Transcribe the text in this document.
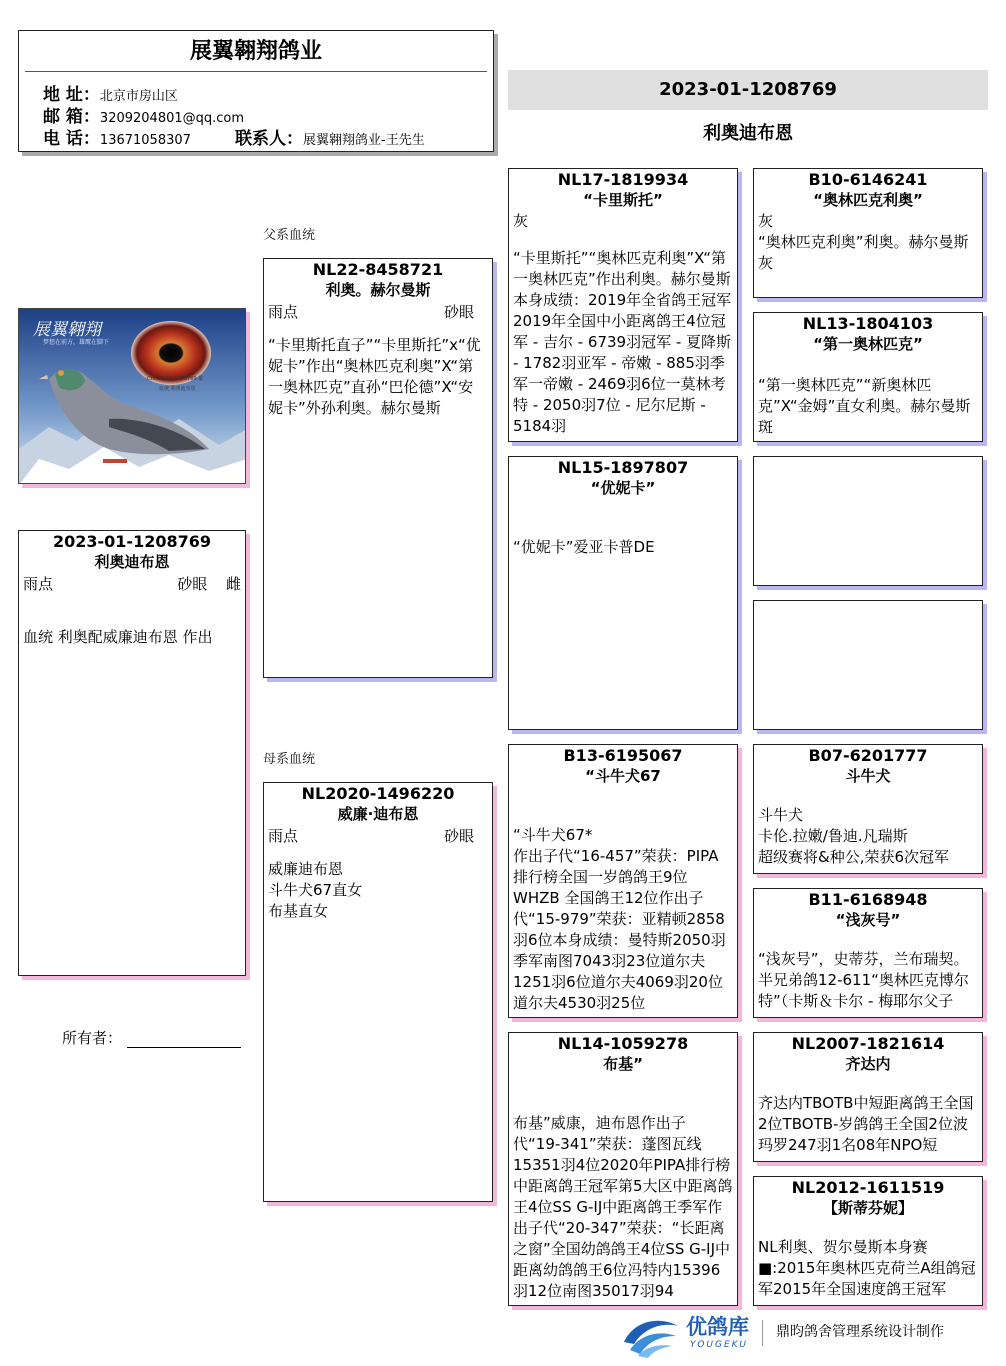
展翼翱翔鸽业
地 址：北京市房山区
邮 箱：3209204801@qq.com
电 话：13671058307	联系人：展翼翱翔鸽业-王先生
2023-01-1208769
利奥迪布恩
展翼翱翔
梦想在前方，雄鹰在脚下
CHN23-01-1208769 雄
血统 利奥迪布恩
2023-01-1208769
利奥迪布恩
雨点	砂眼 雌
血统 利奥配威廉迪布恩 作出
所有者：
父系血统
母系血统
NL22-8458721
利奥。赫尔曼斯
雨点	砂眼
“卡里斯托直子”“卡里斯托”x“优妮卡”作出“奥林匹克利奥”X“第一奥林匹克”直孙“巴伦德”X“安妮卡”外孙利奥。赫尔曼斯
NL2020-1496220
威廉·迪布恩
雨点	砂眼
威廉迪布恩
斗牛犬67直女
布基直女
NL17-1819934
“卡里斯托”
灰
“卡里斯托”“奥林匹克利奥”X“第一奥林匹克”作出利奥。赫尔曼斯本身成绩：2019年全省鸽王冠军2019年全国中小距离鸽王4位冠军 - 吉尔 - 6739羽冠军 - 夏降斯 - 1782羽亚军 - 帝嫩 - 885羽季军一帝嫩 - 2469羽6位一莫林考特 - 2050羽7位 - 尼尔尼斯 - 5184羽
NL15-1897807
“优妮卡”
“优妮卡”爱亚卡普DE
B13-6195067
“斗牛犬67
“斗牛犬67*
作出子代“16-457”荣获：PIPA排行榜全国一岁鸽鸽王9位WHZB 全国鸽王12位作出子代“15-979”荣获：亚精顿2858羽6位本身成绩：曼特斯2050羽季军南图7043羽23位道尔夫1251羽6位道尔夫4069羽20位道尔夫4530羽25位
NL14-1059278
布基”
布基”威康，迪布恩作出子代“19-341”荣获：蓬图瓦线15351羽4位2020年PIPA排行榜中距离鸽王冠军第5大区中距离鸽王4位SS G-IJ中距离鸽王季军作出子代“20-347”荣获：“长距离之窗”全国幼鸽鸽王4位SS G-IJ中距离幼鸽鸽王6位冯特内15396羽12位南图35017羽94
B10-6146241
“奥林匹克利奥”
灰
“奥林匹克利奥”利奥。赫尔曼斯
灰
NL13-1804103
“第一奥林匹克”
“第一奥林匹克”“新奥林匹克”X“金姆”直女利奥。赫尔曼斯斑
B07-6201777
斗牛犬
斗牛犬
卡伦.拉嫩/鲁迪.凡瑞斯
超级赛将&种公,荣获6次冠军
B11-6168948
“浅灰号”
“浅灰号”，史蒂芬，兰布瑞契。半兄弟鸽12-611“奥林匹克博尔特”（卡斯＆卡尔 - 梅耶尔父子
NL2007-1821614
齐达内
齐达内TBOTB中短距离鸽王全国2位TBOTB-岁鸽鸽王全国2位波玛罗247羽1名08年NPO短
NL2012-1611519
【斯蒂芬妮】
NL利奥、贺尔曼斯本身赛■:2015年奥林匹克荷兰A组鸽冠军2015年全国速度鸽王冠军
优鸽库
YOUGEKU
鼎昀鸽舍管理系统设计制作
